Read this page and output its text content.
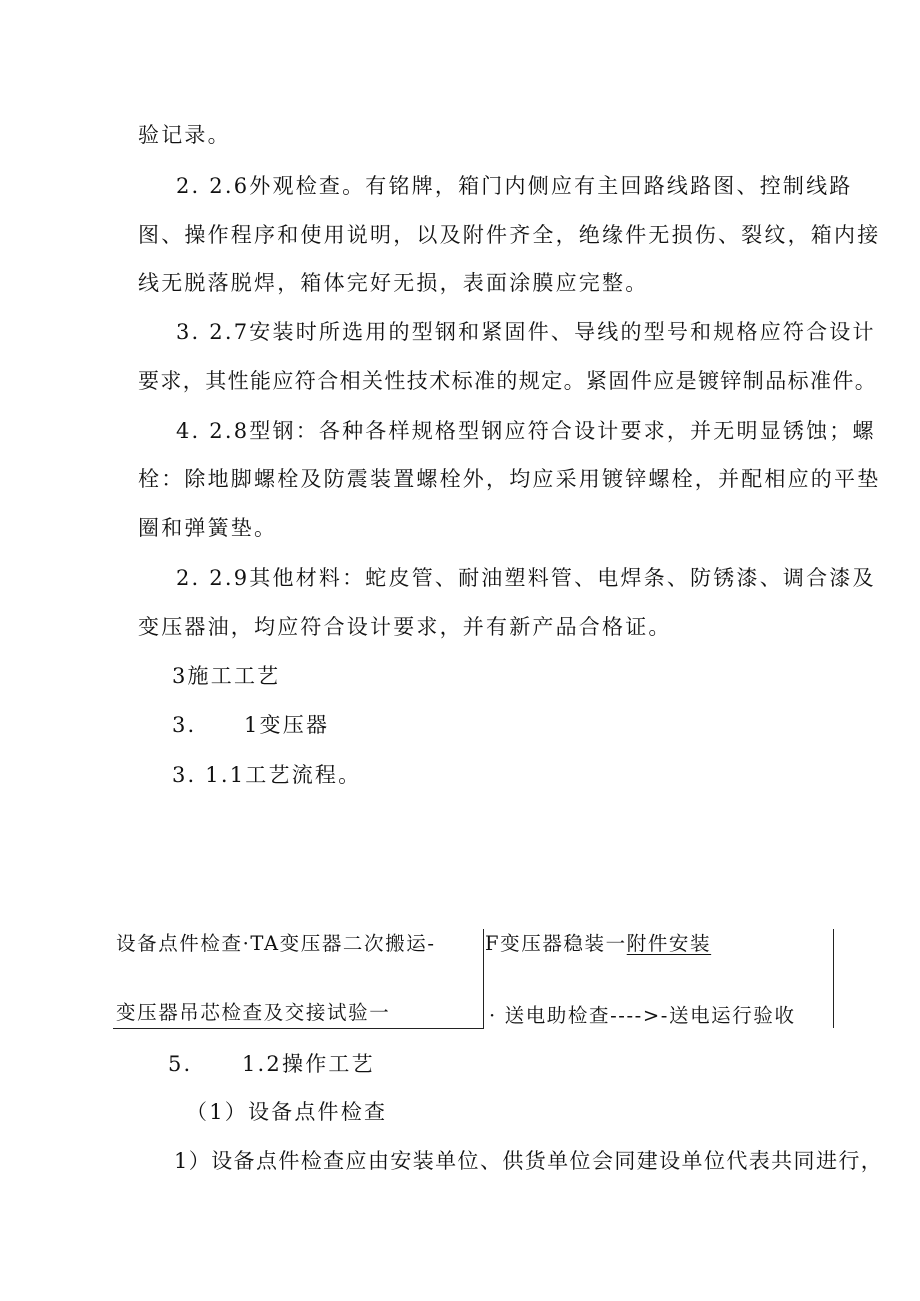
验记录。
2. 2.6外观检查。有铭牌，箱门内侧应有主回路线路图、控制线路
图、操作程序和使用说明，以及附件齐全，绝缘件无损伤、裂纹，箱内接
线无脱落脱焊，箱体完好无损，表面涂膜应完整。
3. 2.7安装时所选用的型钢和紧固件、导线的型号和规格应符合设计
要求，其性能应符合相关性技术标准的规定。紧固件应是镀锌制品标准件。
4. 2.8型钢：各种各样规格型钢应符合设计要求，并无明显锈蚀；螺
栓：除地脚螺栓及防震装置螺栓外，均应采用镀锌螺栓，并配相应的平垫
圈和弹簧垫。
2. 2.9其他材料：蛇皮管、耐油塑料管、电焊条、防锈漆、调合漆及
变压器油，均应符合设计要求，并有新产品合格证。
3施工工艺
3. 1变压器
3. 1.1工艺流程。
设备点件检查·TA变压器二次搬运-
变压器吊芯检查及交接试验一
F变压器稳装一附件安装
· 送电助检查---->-送电运行验收
5. 1.2操作工艺
（1）设备点件检查
1）设备点件检查应由安装单位、供货单位会同建设单位代表共同进行，
